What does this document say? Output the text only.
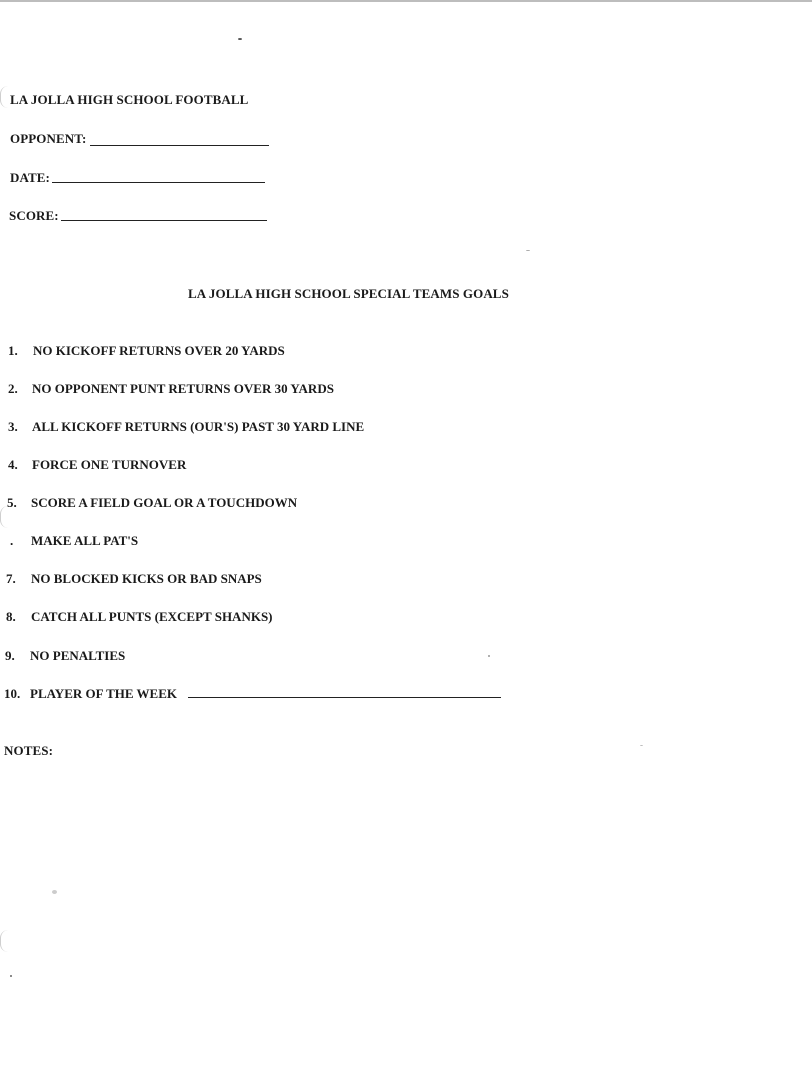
LA JOLLA HIGH SCHOOL FOOTBALL
OPPONENT:
DATE:
SCORE:
LA JOLLA HIGH SCHOOL SPECIAL TEAMS GOALS
1. NO KICKOFF RETURNS OVER 20 YARDS
2. NO OPPONENT PUNT RETURNS OVER 30 YARDS
3. ALL KICKOFF RETURNS (OUR'S) PAST 30 YARD LINE
4. FORCE ONE TURNOVER
5. SCORE A FIELD GOAL OR A TOUCHDOWN
. MAKE ALL PAT'S
7. NO BLOCKED KICKS OR BAD SNAPS
8. CATCH ALL PUNTS (EXCEPT SHANKS)
9. NO PENALTIES
10. PLAYER OF THE WEEK
NOTES:
